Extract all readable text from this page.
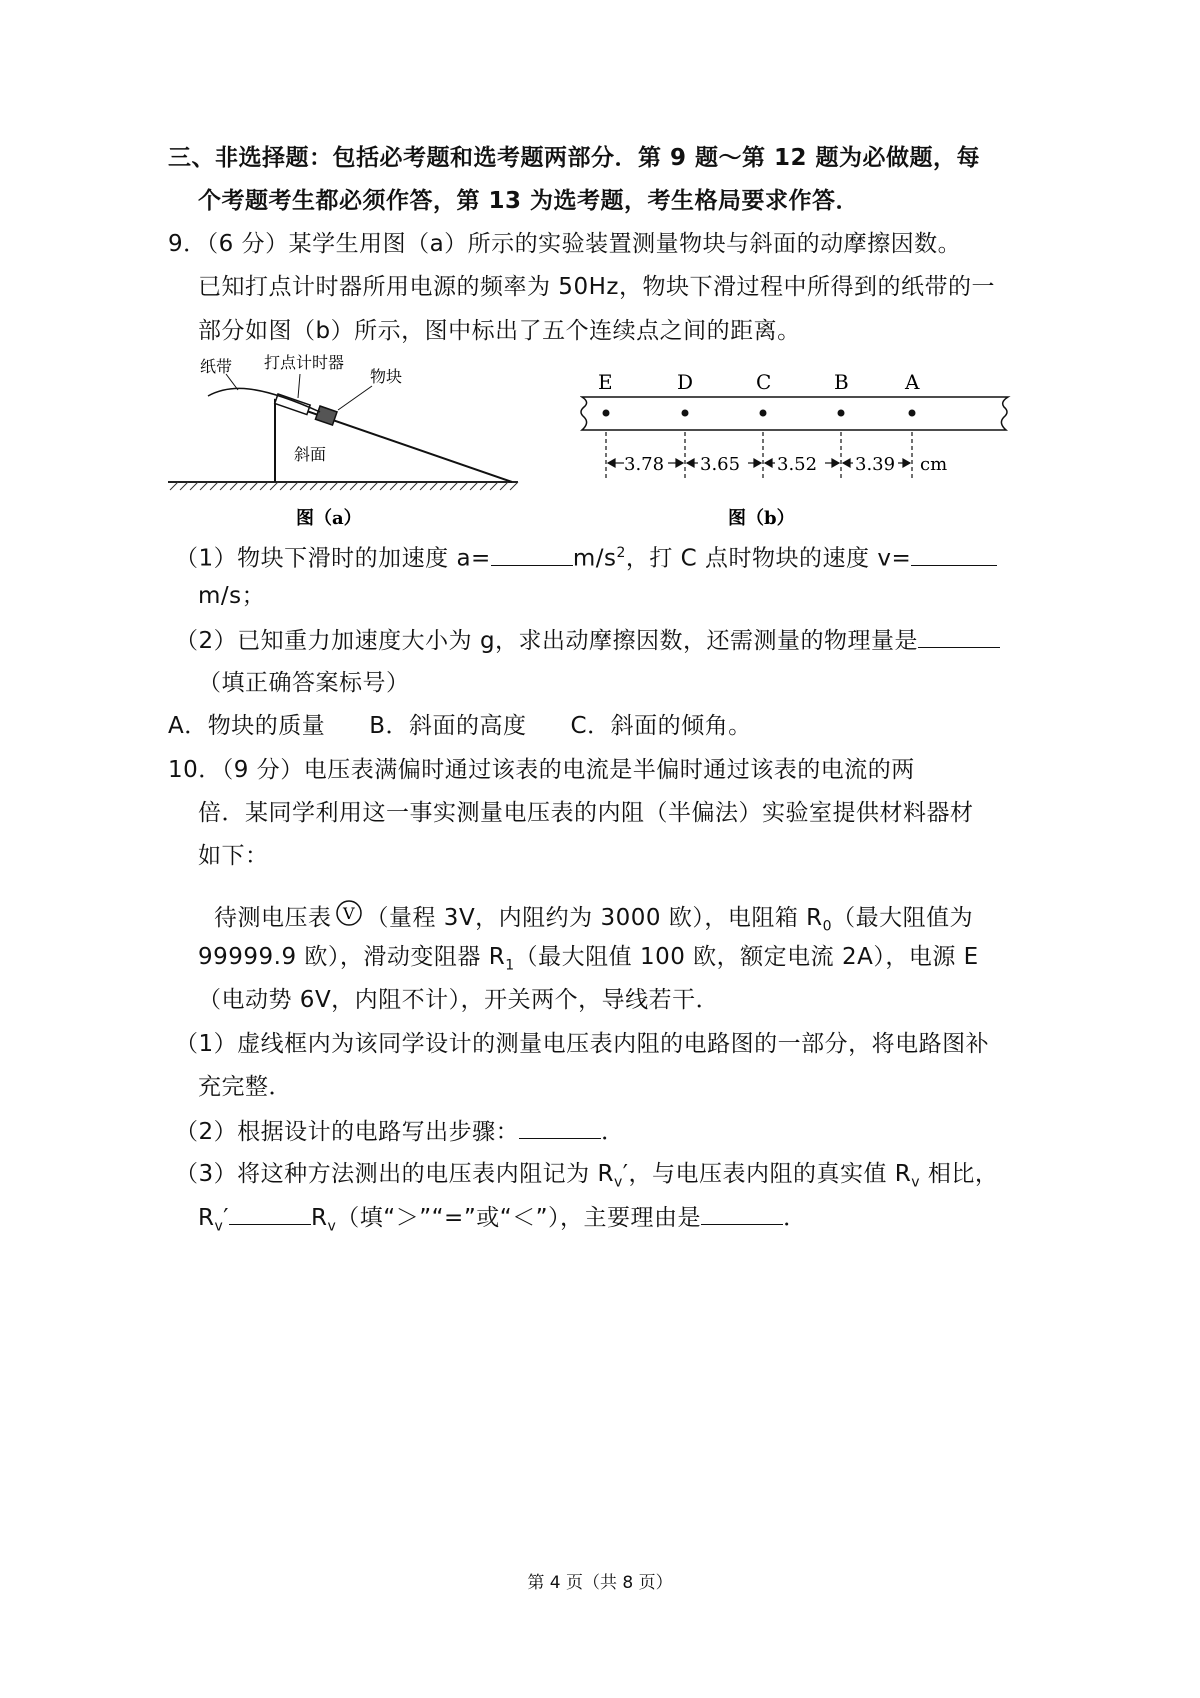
三、非选择题：包括必考题和选考题两部分．第 9 题～第 12 题为必做题，每
个考题考生都必须作答，第 13 为选考题，考生格局要求作答．
9．（6 分）某学生用图（a）所示的实验装置测量物块与斜面的动摩擦因数。
已知打点计时器所用电源的频率为 50Hz，物块下滑过程中所得到的纸带的一
部分如图（b）所示，图中标出了五个连续点之间的距离。
纸带 打点计时器
物块
斜面
图（a）
E	D	C	B	A
3.78 3.65 3.52 3.39 cm
图（b）
（1）物块下滑时的加速度 a=	$m/s^2$，打 C 点时物块的速度 v=
m/s；
（2）已知重力加速度大小为 g，求出动摩擦因数，还需测量的物理量是
（填正确答案标号）
A．物块的质量 B．斜面的高度 C．斜面的倾角。
10．（9 分）电压表满偏时通过该表的电流是半偏时通过该表的电流的两
倍．某同学利用这一事实测量电压表的内阻（半偏法）实验室提供材料器材
如下：
待测电压表 V （量程 3V，内阻约为 3000 欧），电阻箱 $R_0$（最大阻值为
99999.9 欧），滑动变阻器 $R_1$（最大阻值 100 欧，额定电流 2A），电源 E
（电动势 6V，内阻不计），开关两个，导线若干．
（1）虚线框内为该同学设计的测量电压表内阻的电路图的一部分，将电路图补
充完整．
（2）根据设计的电路写出步骤：	．
（3）将这种方法测出的电压表内阻记为 $R_v'$，与电压表内阻的真实值 $R_v$ 相比，
$R_v'$	$R_v$（填“＞”“=”或“＜”），主要理由是	．
第 4 页（共 8 页）
